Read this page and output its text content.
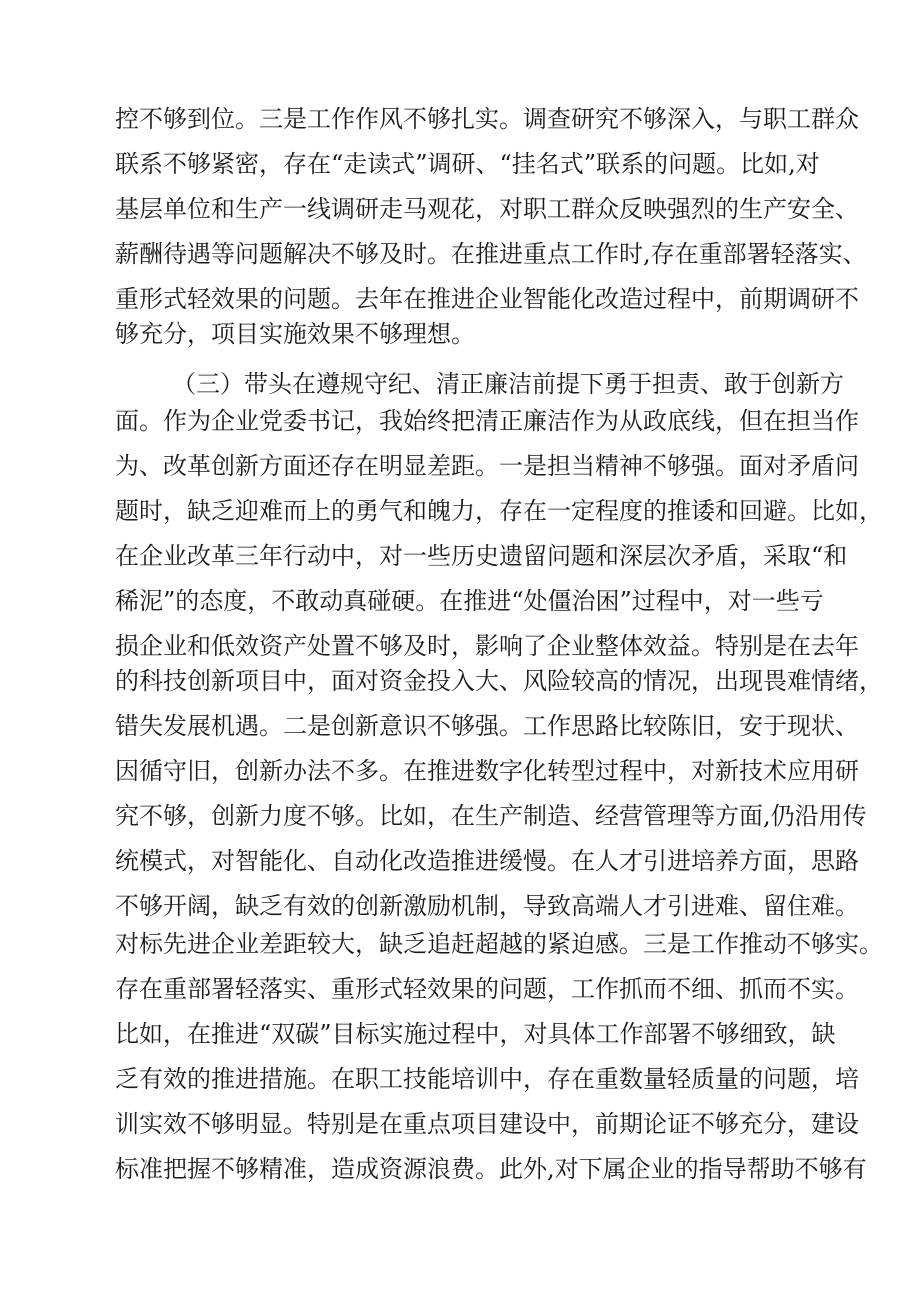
控不够到位。三是工作作风不够扎实。调查研究不够深入，与职工群众
联系不够紧密，存在“走读式”调研、“挂名式”联系的问题。比如,对
基层单位和生产一线调研走马观花，对职工群众反映强烈的生产安全、
薪酬待遇等问题解决不够及时。在推进重点工作时,存在重部署轻落实、
重形式轻效果的问题。去年在推进企业智能化改造过程中，前期调研不
够充分，项目实施效果不够理想。
（三）带头在遵规守纪、清正廉洁前提下勇于担责、敢于创新方
面。作为企业党委书记，我始终把清正廉洁作为从政底线，但在担当作
为、改革创新方面还存在明显差距。一是担当精神不够强。面对矛盾问
题时，缺乏迎难而上的勇气和魄力，存在一定程度的推诿和回避。比如，
在企业改革三年行动中，对一些历史遗留问题和深层次矛盾，采取“和
稀泥”的态度，不敢动真碰硬。在推进“处僵治困”过程中，对一些亏
损企业和低效资产处置不够及时，影响了企业整体效益。特别是在去年
的科技创新项目中，面对资金投入大、风险较高的情况，出现畏难情绪，
错失发展机遇。二是创新意识不够强。工作思路比较陈旧，安于现状、
因循守旧，创新办法不多。在推进数字化转型过程中，对新技术应用研
究不够，创新力度不够。比如，在生产制造、经营管理等方面,仍沿用传
统模式，对智能化、自动化改造推进缓慢。在人才引进培养方面，思路
不够开阔，缺乏有效的创新激励机制，导致高端人才引进难、留住难。
对标先进企业差距较大，缺乏追赶超越的紧迫感。三是工作推动不够实。
存在重部署轻落实、重形式轻效果的问题，工作抓而不细、抓而不实。
比如，在推进“双碳”目标实施过程中，对具体工作部署不够细致，缺
乏有效的推进措施。在职工技能培训中，存在重数量轻质量的问题，培
训实效不够明显。特别是在重点项目建设中，前期论证不够充分，建设
标准把握不够精准，造成资源浪费。此外,对下属企业的指导帮助不够有
